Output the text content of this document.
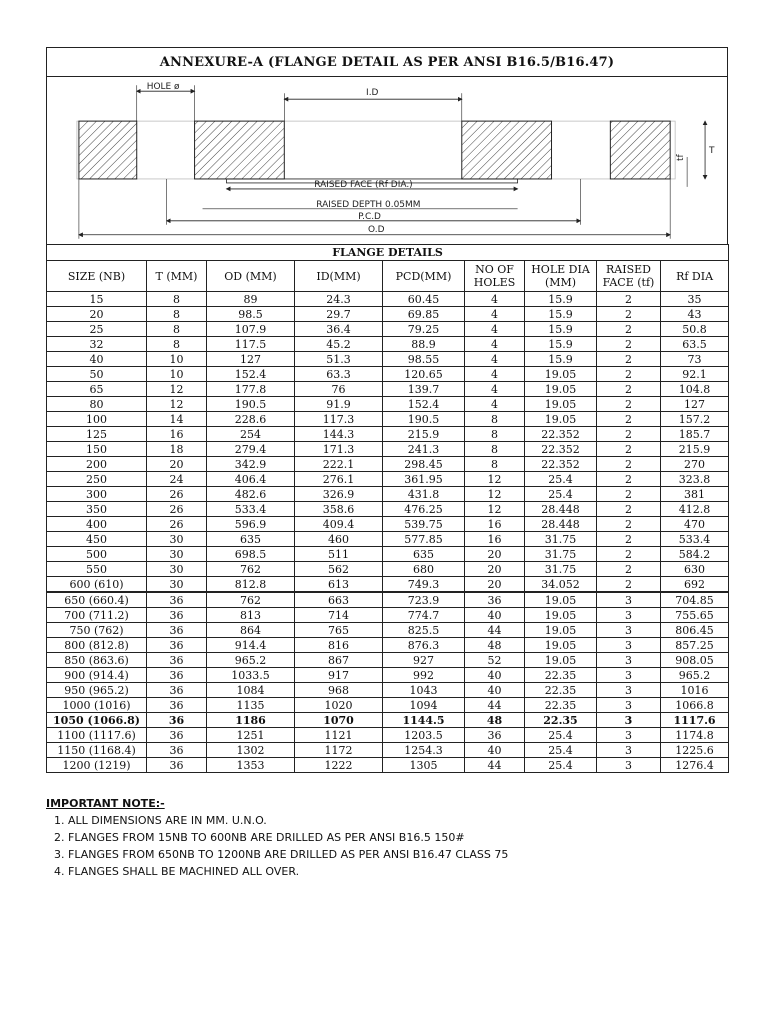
ANNEXURE-A (FLANGE DETAIL AS PER ANSI B16.5/B16.47)
HOLE ø
I.D
T
tf
RAISED FACE (Rf DIA.)
RAISED DEPTH 0.05MM
P.C.D
O.D
FLANGE DETAILS								
SIZE (NB)	T (MM)	OD (MM)	ID(MM)	PCD(MM)	NO OF HOLES	HOLE DIA (MM)	RAISED FACE (tf)	Rf DIA
15	8	89	24.3	60.45	4	15.9	2	35
20	8	98.5	29.7	69.85	4	15.9	2	43
25	8	107.9	36.4	79.25	4	15.9	2	50.8
32	8	117.5	45.2	88.9	4	15.9	2	63.5
40	10	127	51.3	98.55	4	15.9	2	73
50	10	152.4	63.3	120.65	4	19.05	2	92.1
65	12	177.8	76	139.7	4	19.05	2	104.8
80	12	190.5	91.9	152.4	4	19.05	2	127
100	14	228.6	117.3	190.5	8	19.05	2	157.2
125	16	254	144.3	215.9	8	22.352	2	185.7
150	18	279.4	171.3	241.3	8	22.352	2	215.9
200	20	342.9	222.1	298.45	8	22.352	2	270
250	24	406.4	276.1	361.95	12	25.4	2	323.8
300	26	482.6	326.9	431.8	12	25.4	2	381
350	26	533.4	358.6	476.25	12	28.448	2	412.8
400	26	596.9	409.4	539.75	16	28.448	2	470
450	30	635	460	577.85	16	31.75	2	533.4
500	30	698.5	511	635	20	31.75	2	584.2
550	30	762	562	680	20	31.75	2	630
600 (610)	30	812.8	613	749.3	20	34.052	2	692
650 (660.4)	36	762	663	723.9	36	19.05	3	704.85
700 (711.2)	36	813	714	774.7	40	19.05	3	755.65
750 (762)	36	864	765	825.5	44	19.05	3	806.45
800 (812.8)	36	914.4	816	876.3	48	19.05	3	857.25
850 (863.6)	36	965.2	867	927	52	19.05	3	908.05
900 (914.4)	36	1033.5	917	992	40	22.35	3	965.2
950 (965.2)	36	1084	968	1043	40	22.35	3	1016
1000 (1016)	36	1135	1020	1094	44	22.35	3	1066.8
1050 (1066.8)	36	1186	1070	1144.5	48	22.35	3	1117.6
1100 (1117.6)	36	1251	1121	1203.5	36	25.4	3	1174.8
1150 (1168.4)	36	1302	1172	1254.3	40	25.4	3	1225.6
1200 (1219)	36	1353	1222	1305	44	25.4	3	1276.4
IMPORTANT NOTE:-
1. ALL DIMENSIONS ARE IN MM. U.N.O.
2. FLANGES FROM 15NB TO 600NB ARE DRILLED AS PER ANSI B16.5 150#
3. FLANGES FROM 650NB TO 1200NB ARE DRILLED AS PER ANSI B16.47 CLASS 75
4. FLANGES SHALL BE MACHINED ALL OVER.
